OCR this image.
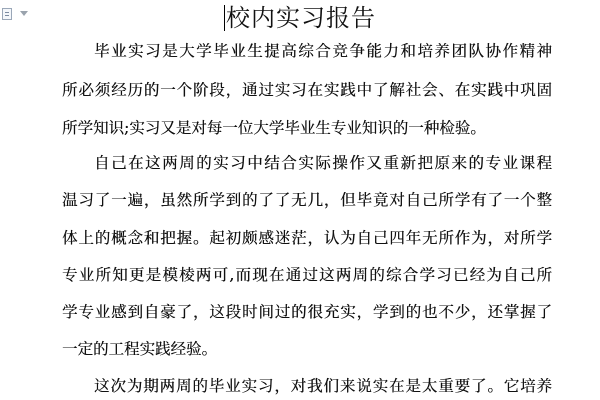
校内实习报告
毕业实习是大学毕业生提高综合竞争能力和培养团队协作精神
所必须经历的一个阶段，通过实习在实践中了解社会、在实践中巩固
所学知识;实习又是对每一位大学毕业生专业知识的一种检验。
自己在这两周的实习中结合实际操作又重新把原来的专业课程
温习了一遍，虽然所学到的了了无几，但毕竟对自己所学有了一个整
体上的概念和把握。起初颇感迷茫，认为自己四年无所作为，对所学
专业所知更是模棱两可,而现在通过这两周的综合学习已经为自己所
学专业感到自豪了，这段时间过的很充实，学到的也不少，还掌握了
一定的工程实践经验。
这次为期两周的毕业实习，对我们来说实在是太重要了。它培养
